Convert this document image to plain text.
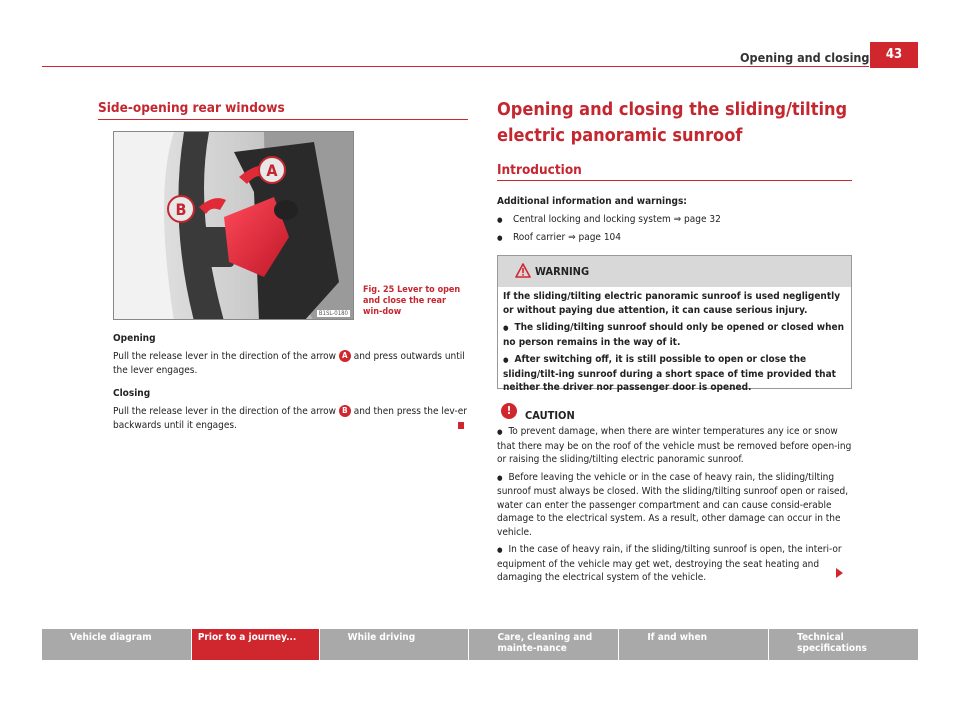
Opening and closing	43
Side-opening rear windows
A
B
B1SL-0180
Fig. 25 Lever to open and close the rear win-dow
Opening
Pull the release lever in the direction of the arrow A and press outwards until the lever engages.
Closing
Pull the release lever in the direction of the arrow B and then press the lev-er backwards until it engages.
Opening and closing the sliding/tilting electric panoramic sunroof
Introduction
Additional information and warnings:
● Central locking and locking system ⇒ page 32
● Roof carrier ⇒ page 104
WARNING

If the sliding/tilting electric panoramic sunroof is used negligently or without paying due attention, it can cause serious injury.

● The sliding/tilting sunroof should only be opened or closed when no person remains in the way of it.

● After switching off, it is still possible to open or close the sliding/tilt-ing sunroof during a short space of time provided that neither the driver nor passenger door is opened.

!	CAUTION

● To prevent damage, when there are winter temperatures any ice or snow that there may be on the roof of the vehicle must be removed before open-ing or raising the sliding/tilting electric panoramic sunroof.

● Before leaving the vehicle or in the case of heavy rain, the sliding/tilting sunroof must always be closed. With the sliding/tilting sunroof open or raised, water can enter the passenger compartment and can cause consid-erable damage to the electrical system. As a result, other damage can occur in the vehicle.

● In the case of heavy rain, if the sliding/tilting sunroof is open, the interi-or equipment of the vehicle may get wet, destroying the seat heating and damaging the electrical system of the vehicle.

Vehicle diagram	Prior to a journey...	While driving	Care, cleaning and mainte-nance
If and when	Technical specifications
